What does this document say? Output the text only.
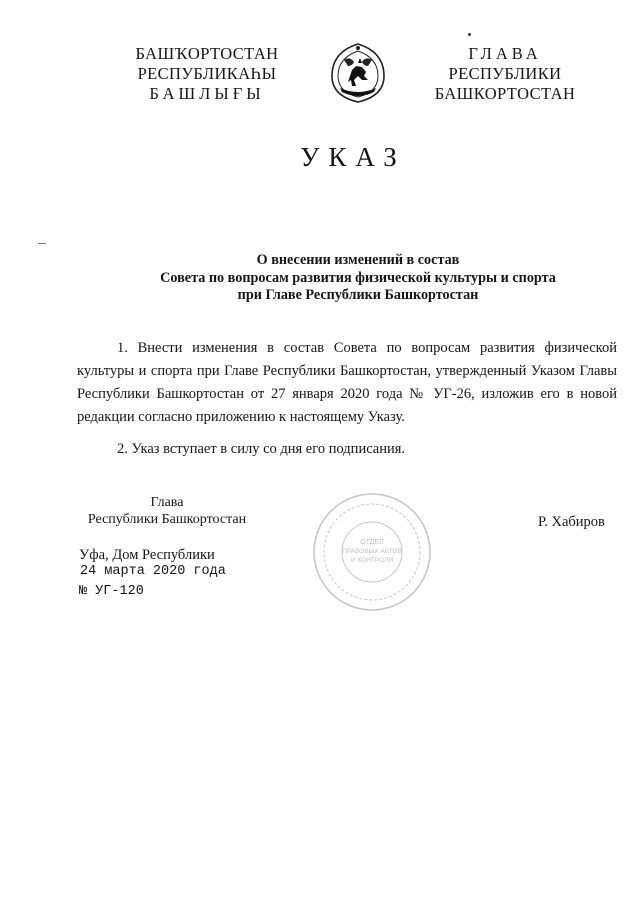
БАШҠОРТОСТАН
РЕСПУБЛИКАҺЫ
БАШЛЫҒЫ
ГЛАВА
РЕСПУБЛИКИ
БАШКОРТОСТАН
УКАЗ
О внесении изменений в состав
Совета по вопросам развития физической культуры и спорта
при Главе Республики Башкортостан
1. Внести изменения в состав Совета по вопросам развития физической культуры и спорта при Главе Республики Башкортостан, утвержденный Указом Главы Республики Башкортостан от 27 января 2020 года № УГ-26, изложив его в новой редакции согласно приложению к настоящему Указу.
2. Указ вступает в силу со дня его подписания.
Глава
Республики Башкортостан
ОТДЕЛ
ПРАВОВЫХ АКТОВ
И КОНТРОЛЯ
Р. Хабиров
Уфа, Дом Республики
24 марта 2020 года
№ УГ-120
